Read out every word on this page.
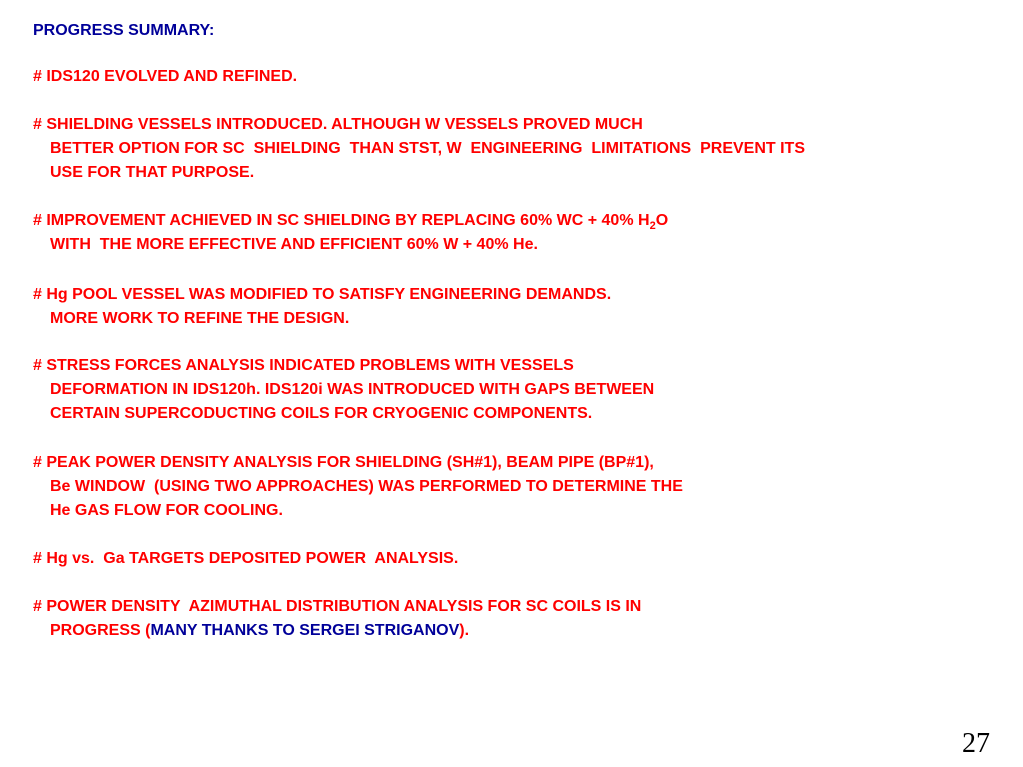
PROGRESS SUMMARY:
# IDS120 EVOLVED AND REFINED.
# SHIELDING VESSELS INTRODUCED. ALTHOUGH W VESSELS PROVED MUCH
BETTER OPTION FOR SC  SHIELDING  THAN STST, W  ENGINEERING  LIMITATIONS  PREVENT ITS
USE FOR THAT PURPOSE.
# IMPROVEMENT ACHIEVED IN SC SHIELDING BY REPLACING 60% WC + 40% $H_2O$
WITH  THE MORE EFFECTIVE AND EFFICIENT 60% W + 40% He.
# Hg POOL VESSEL WAS MODIFIED TO SATISFY ENGINEERING DEMANDS.
MORE WORK TO REFINE THE DESIGN.
# STRESS FORCES ANALYSIS INDICATED PROBLEMS WITH VESSELS
DEFORMATION IN IDS120h. IDS120i WAS INTRODUCED WITH GAPS BETWEEN
CERTAIN SUPERCODUCTING COILS FOR CRYOGENIC COMPONENTS.
# PEAK POWER DENSITY ANALYSIS FOR SHIELDING (SH#1), BEAM PIPE (BP#1),
Be WINDOW  (USING TWO APPROACHES) WAS PERFORMED TO DETERMINE THE
He GAS FLOW FOR COOLING.
# Hg vs.  Ga TARGETS DEPOSITED POWER  ANALYSIS.
# POWER DENSITY  AZIMUTHAL DISTRIBUTION ANALYSIS FOR SC COILS IS IN
PROGRESS (MANY THANKS TO SERGEI STRIGANOV).
27
